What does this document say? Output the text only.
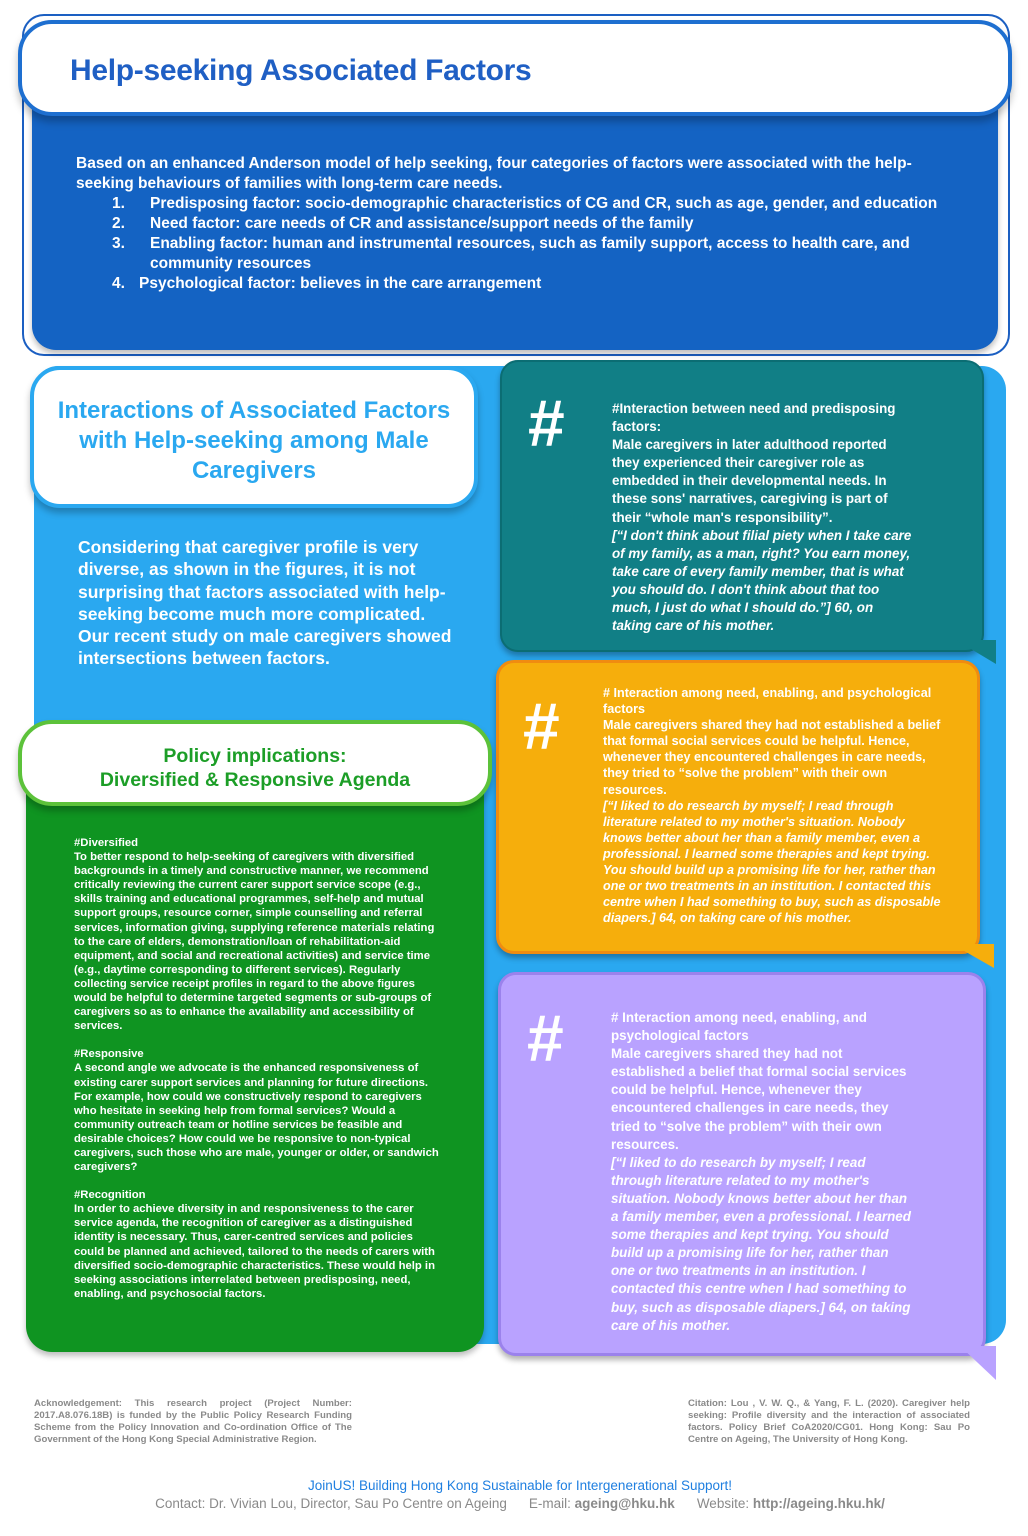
Based on an enhanced Anderson model of help seeking, four categories of factors were associated with the help-seeking behaviours of families with long-term care needs.
1. Predisposing factor: socio-demographic characteristics of CG and CR, such as age, gender, and education
2. Need factor: care needs of CR and assistance/support needs of the family
3. Enabling factor: human and instrumental resources, such as family support, access to health care, and community resources
4. Psychological factor: believes in the care arrangement
Help-seeking Associated Factors
Interactions of Associated Factors with Help-seeking among Male Caregivers
Considering that caregiver profile is very diverse, as shown in the figures, it is not surprising that factors associated with help-seeking become much more complicated. Our recent study on male caregivers showed intersections between factors.

#Diversified
To better respond to help-seeking of caregivers with diversified backgrounds in a timely and constructive manner, we recommend critically reviewing the current carer support service scope (e.g., skills training and educational programmes, self-help and mutual support groups, resource corner, simple counselling and referral services, information giving, supplying reference materials relating to the care of elders, demonstration/loan of rehabilitation-aid equipment, and social and recreational activities) and service time (e.g., daytime corresponding to different services). Regularly collecting service receipt profiles in regard to the above figures would be helpful to determine targeted segments or sub-groups of caregivers so as to enhance the availability and accessibility of services.

#Responsive
A second angle we advocate is the enhanced responsiveness of existing carer support services and planning for future directions. For example, how could we constructively respond to caregivers who hesitate in seeking help from formal services? Would a community outreach team or hotline services be feasible and desirable choices? How could we be responsive to non-typical caregivers, such those who are male, younger or older, or sandwich caregivers?

#Recognition
In order to achieve diversity in and responsiveness to the carer service agenda, the recognition of caregiver as a distinguished identity is necessary. Thus, carer-centred services and policies could be planned and achieved, tailored to the needs of carers with diversified socio-demographic characteristics. These would help in seeking associations interrelated between predisposing, need, enabling, and psychosocial factors.

Policy implications:
Diversified & Responsive Agenda
#	#Interaction between need and predisposing factors:
Male caregivers in later adulthood reported they experienced their caregiver role as embedded in their developmental needs. In these sons' narratives, caregiving is part of their “whole man's responsibility”.
[“I don't think about filial piety when I take care of my family, as a man, right? You earn money, take care of every family member, that is what you should do. I don't think about that too much, I just do what I should do.”] 60, on taking care of his mother.
#	# Interaction among need, enabling, and psychological factors
Male caregivers shared they had not established a belief that formal social services could be helpful. Hence, whenever they encountered challenges in care needs, they tried to “solve the problem” with their own resources.
[“I liked to do research by myself; I read through literature related to my mother's situation. Nobody knows better about her than a family member, even a professional. I learned some therapies and kept trying. You should build up a promising life for her, rather than one or two treatments in an institution. I contacted this centre when I had something to buy, such as disposable diapers.] 64, on taking care of his mother.
#	# Interaction among need, enabling, and psychological factors
Male caregivers shared they had not established a belief that formal social services could be helpful. Hence, whenever they encountered challenges in care needs, they tried to “solve the problem” with their own resources.
[“I liked to do research by myself; I read through literature related to my mother's situation. Nobody knows better about her than a family member, even a professional. I learned some therapies and kept trying. You should build up a promising life for her, rather than one or two treatments in an institution. I contacted this centre when I had something to buy, such as disposable diapers.] 64, on taking care of his mother.
Acknowledgement: This research project (Project Number: 2017.A8.076.18B) is funded by the Public Policy Research Funding Scheme from the Policy Innovation and Co-ordination Office of The Government of the Hong Kong Special Administrative Region.
Citation: Lou , V. W. Q., & Yang, F. L. (2020). Caregiver help seeking: Profile diversity and the interaction of associated factors. Policy Brief CoA2020/CG01. Hong Kong: Sau Po Centre on Ageing, The University of Hong Kong.
JoinUS! Building Hong Kong Sustainable for Intergenerational Support!
Contact: Dr. Vivian Lou, Director, Sau Po Centre on Ageing E-mail: ageing@hku.hk Website: http://ageing.hku.hk/
